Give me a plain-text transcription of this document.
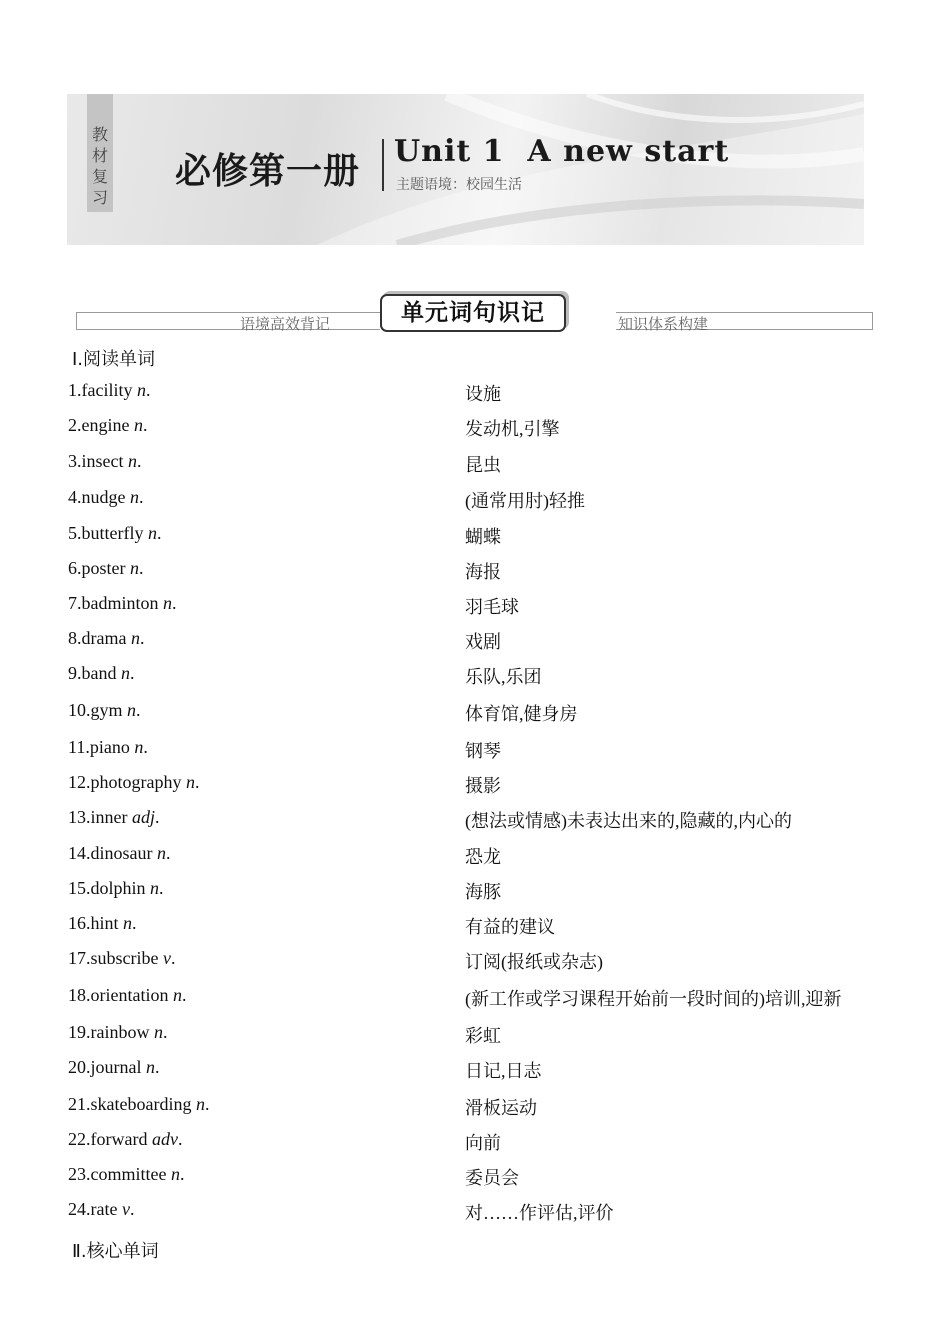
教材复习
必修第一册 Unit 1  A new start
主题语境：校园生活
语境高效背记	知识体系构建
单元词句识记
Ⅰ.阅读单词
1.facility n.	设施
2.engine n.	发动机,引擎
3.insect n.	昆虫
4.nudge n.	(通常用肘)轻推
5.butterfly n.	蝴蝶
6.poster n.	海报
7.badminton n.	羽毛球
8.drama n.	戏剧
9.band n.	乐队,乐团
10.gym n.	体育馆,健身房
11.piano n.	钢琴
12.photography n.	摄影
13.inner adj.	(想法或情感)未表达出来的,隐藏的,内心的
14.dinosaur n.	恐龙
15.dolphin n.	海豚
16.hint n.	有益的建议
17.subscribe v.	订阅(报纸或杂志)
18.orientation n.	(新工作或学习课程开始前一段时间的)培训,迎新
19.rainbow n.	彩虹
20.journal n.	日记,日志
21.skateboarding n.	滑板运动
22.forward adv.	向前
23.committee n.	委员会
24.rate v.	对……作评估,评价
Ⅱ.核心单词
